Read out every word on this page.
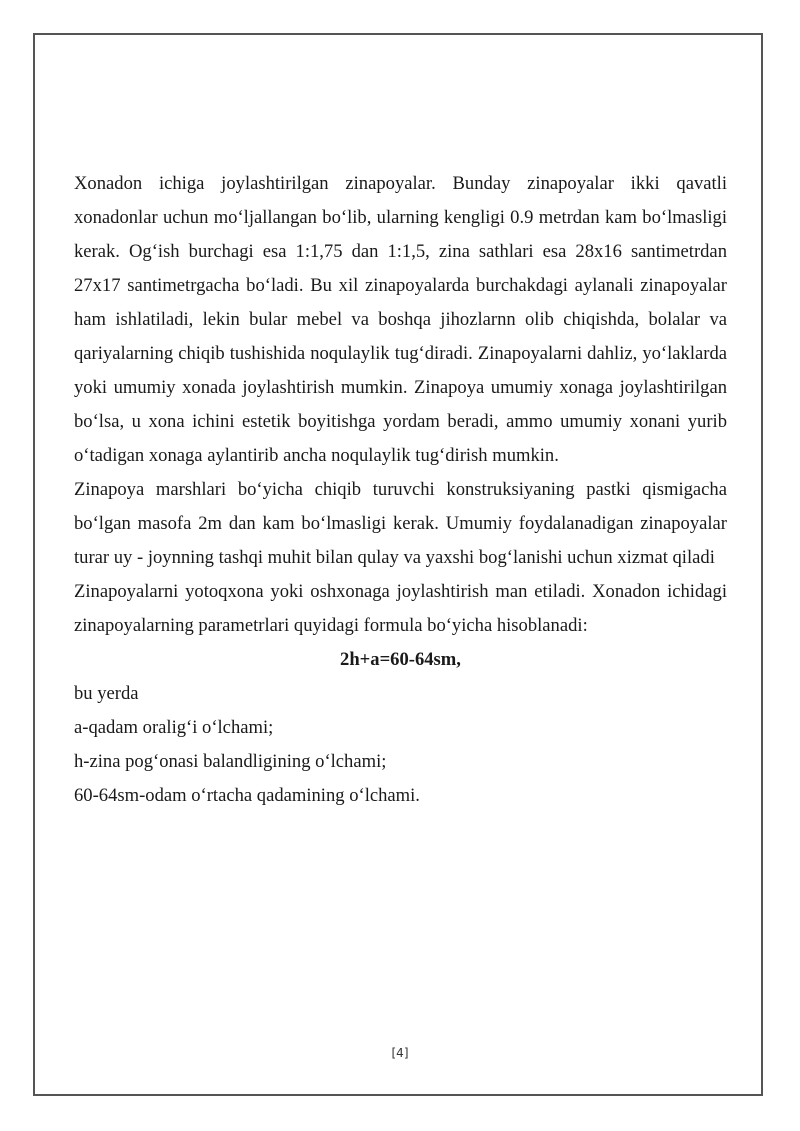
Xonadon ichiga joylashtirilgan zinapoyalar. Bunday zinapoyalar ikki qavatli xonadonlar uchun mo‘ljallangan bo‘lib, ularning kengligi 0.9 metrdan kam bo‘lmasligi kerak. Og‘ish burchagi esa 1:1,75 dan 1:1,5, zina sathlari esa 28x16 santimetrdan 27x17 santimetrgacha bo‘ladi. Bu xil zinapoyalarda burchakdagi aylanali zinapoyalar ham ishlatiladi, lekin bular mebel va boshqa jihozlarnn olib chiqishda, bolalar va qariyalarning chiqib tushishida noqulaylik tug‘diradi. Zinapoyalarni dahliz, yo‘laklarda yoki umumiy xonada joylashtirish mumkin. Zinapoya umumiy xonaga joylashtirilgan bo‘lsa, u xona ichini estetik boyitishga yordam beradi, ammo umumiy xonani yurib o‘tadigan xonaga aylantirib ancha noqulaylik tug‘dirish mumkin.

Zinapoya marshlari bo‘yicha chiqib turuvchi konstruksiyaning pastki qismigacha bo‘lgan masofa 2m dan kam bo‘lmasligi kerak. Umumiy foydalanadigan zinapoyalar turar uy - joynning tashqi muhit bilan qulay va yaxshi bog‘lanishi uchun xizmat qiladi

Zinapoyalarni yotoqxona yoki oshxonaga joylashtirish man etiladi. Xonadon ichidagi zinapoyalarning parametrlari quyidagi formula bo‘yicha hisoblanadi:

2h+a=60-64sm,

bu yerda

a-qadam oralig‘i o‘lchami;

h-zina pog‘onasi balandligining o‘lchami;

60-64sm-odam o‘rtacha qadamining o‘lchami.

[4]
